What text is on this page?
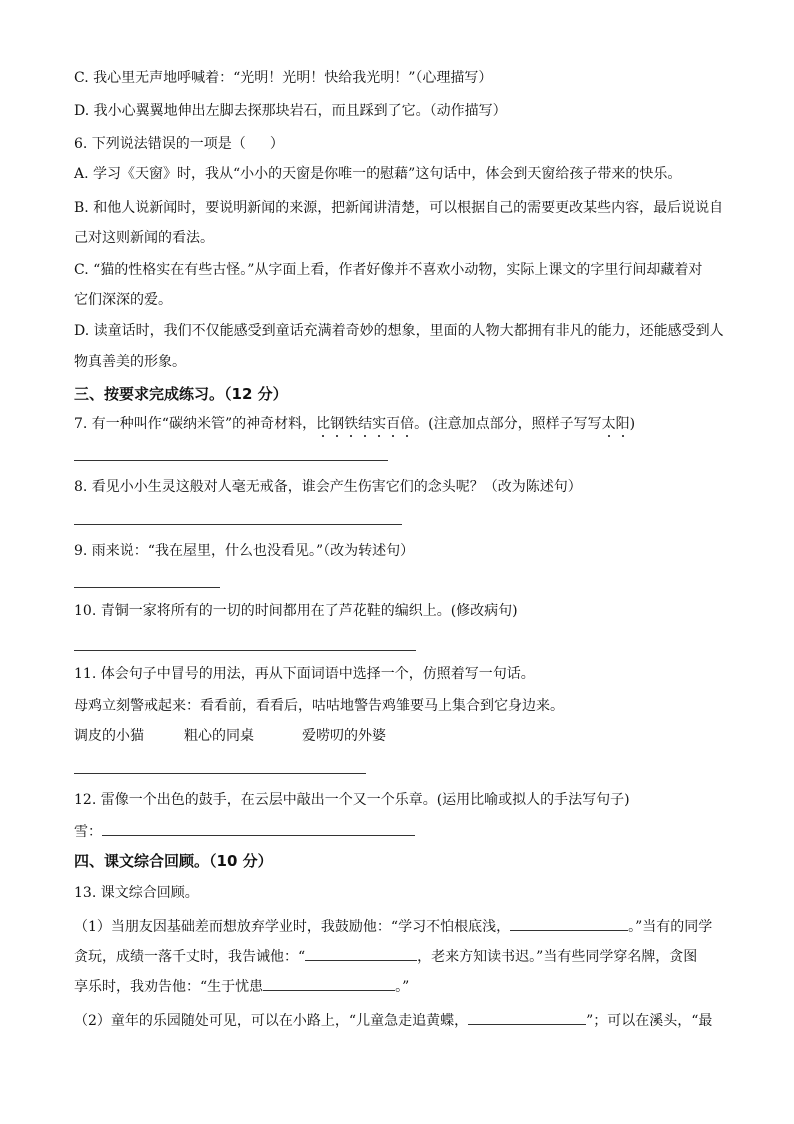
C. 我心里无声地呼喊着：“光明！光明！快给我光明！”（心理描写）
D. 我小心翼翼地伸出左脚去探那块岩石，而且踩到了它。（动作描写）
6. 下列说法错误的一项是（ ）
A. 学习《天窗》时，我从“小小的天窗是你唯一的慰藉”这句话中，体会到天窗给孩子带来的快乐。
B. 和他人说新闻时，要说明新闻的来源，把新闻讲清楚，可以根据自己的需要更改某些内容，最后说说自
己对这则新闻的看法。
C. “猫的性格实在有些古怪。”从字面上看，作者好像并不喜欢小动物，实际上课文的字里行间却藏着对
它们深深的爱。
D. 读童话时，我们不仅能感受到童话充满着奇妙的想象，里面的人物大都拥有非凡的能力，还能感受到人
物真善美的形象。
三、按要求完成练习。（12 分）
7. 有一种叫作“碳纳米管”的神奇材料，比钢铁结实百倍。(注意加点部分，照样子写写太阳)
8. 看见小小生灵这般对人毫无戒备，谁会产生伤害它们的念头呢？（改为陈述句）
9. 雨来说：“我在屋里，什么也没看见。”（改为转述句）
10. 青铜一家将所有的一切的时间都用在了芦花鞋的编织上。(修改病句)
11. 体会句子中冒号的用法，再从下面词语中选择一个，仿照着写一句话。
母鸡立刻警戒起来：看看前，看看后，咕咕地警告鸡雏要马上集合到它身边来。
调皮的小猫	粗心的同桌	爱唠叨的外婆
12. 雷像一个出色的鼓手，在云层中敲出一个又一个乐章。(运用比喻或拟人的手法写句子)
雪：
四、课文综合回顾。（10 分）
13. 课文综合回顾。
（1）当朋友因基础差而想放弃学业时，我鼓励他：“学习不怕根底浅，	。”当有的同学
贪玩，成绩一落千丈时，我告诫他：“	，老来方知读书迟。”当有些同学穿名牌，贪图
享乐时，我劝告他：“生于忧患	。”
（2）童年的乐园随处可见，可以在小路上，“儿童急走追黄蝶，	”；可以在溪头，“最
